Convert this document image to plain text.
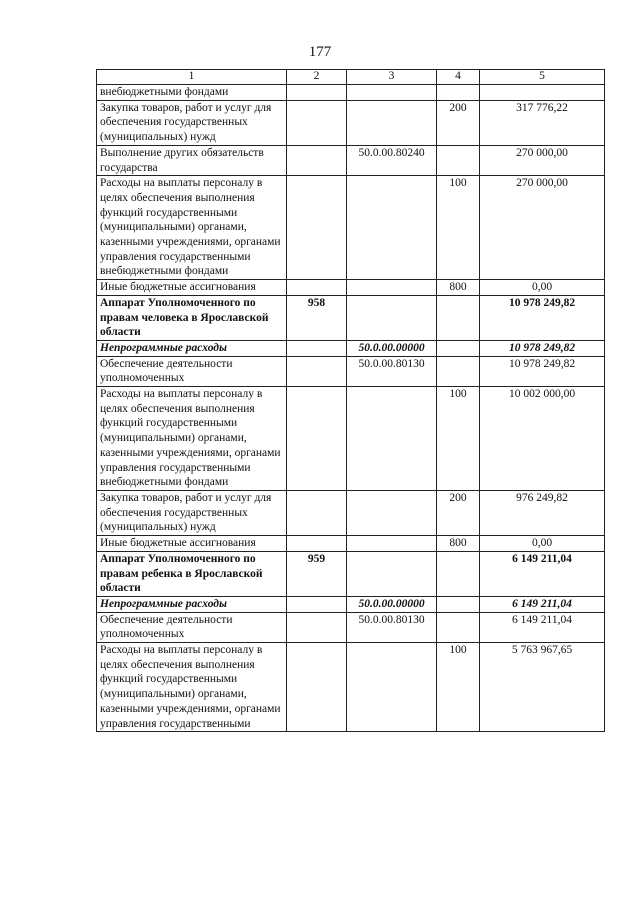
177
1	2	3	4	5
внебюджетными фондами				
Закупка товаров, работ и услуг для обеспечения государственных (муниципальных) нужд			200	317 776,22
Выполнение других обязательств государства		50.0.00.80240		270 000,00
Расходы на выплаты персоналу в целях обеспечения выполнения функций государственными (муниципальными) органами, казенными учреждениями, органами управления государственными внебюджетными фондами			100	270 000,00
Иные бюджетные ассигнования			800	0,00
Аппарат Уполномоченного по правам человека в Ярославской области	958			10 978 249,82
Непрограммные расходы		50.0.00.00000		10 978 249,82
Обеспечение деятельности уполномоченных		50.0.00.80130		10 978 249,82
Расходы на выплаты персоналу в целях обеспечения выполнения функций государственными (муниципальными) органами, казенными учреждениями, органами управления государственными внебюджетными фондами			100	10 002 000,00
Закупка товаров, работ и услуг для обеспечения государственных (муниципальных) нужд			200	976 249,82
Иные бюджетные ассигнования			800	0,00
Аппарат Уполномоченного по правам ребенка в Ярославской области	959			6 149 211,04
Непрограммные расходы		50.0.00.00000		6 149 211,04
Обеспечение деятельности уполномоченных		50.0.00.80130		6 149 211,04
Расходы на выплаты персоналу в целях обеспечения выполнения функций государственными (муниципальными) органами, казенными учреждениями, органами управления государственными			100	5 763 967,65
